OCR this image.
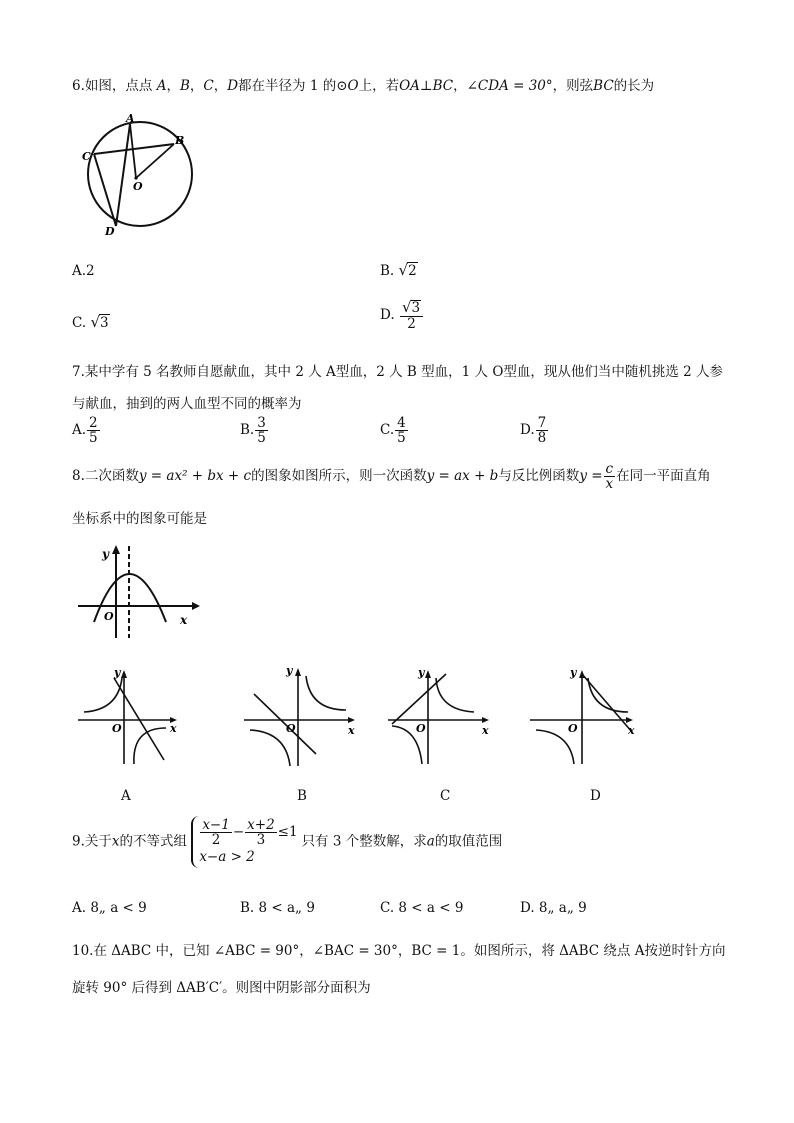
6.如图，点点 A，B，C，D都在半径为 1 的⊙O上，若OA⊥BC，∠CDA = 30°，则弦BC的长为
A
B
C
D
O
A.2	B. √2
C. √3
D. $\frac{√3}{2}$
7.某中学有 5 名教师自愿献血，其中 2 人 A型血，2 人 B 型血，1 人 O型血，现从他们当中随机挑选 2 人参
与献血，抽到的两人血型不同的概率为
A. $\frac{2}{5}$	B. $\frac{3}{5}$	C. $\frac{4}{5}$	D. $\frac{7}{8}$
8.二次函数y = ax² + bx + c的图象如图所示，则一次函数y = ax + b与反比例函数$y = \frac{c}{x}$ 在同一平面直角
坐标系中的图象可能是
y
x
O
y
x
O
A
y
x
O
B
y
x
O
C
y
x
O
D
9.关于x的不等式组 $\frac{x-1}{2} - \frac{x+2}{3} \le 1$
x−a > 2
只有 3 个整数解，求a的取值范围
A. 8„ a < 9	B. 8 < a„ 9	C. 8 < a < 9	D. 8„ a„ 9
10.在 ΔABC 中，已知 ∠ABC = 90°，∠BAC = 30°，BC = 1。如图所示，将 ΔABC 绕点 A按逆时针方向
旋转 90° 后得到 ΔAB′C′。则图中阴影部分面积为
